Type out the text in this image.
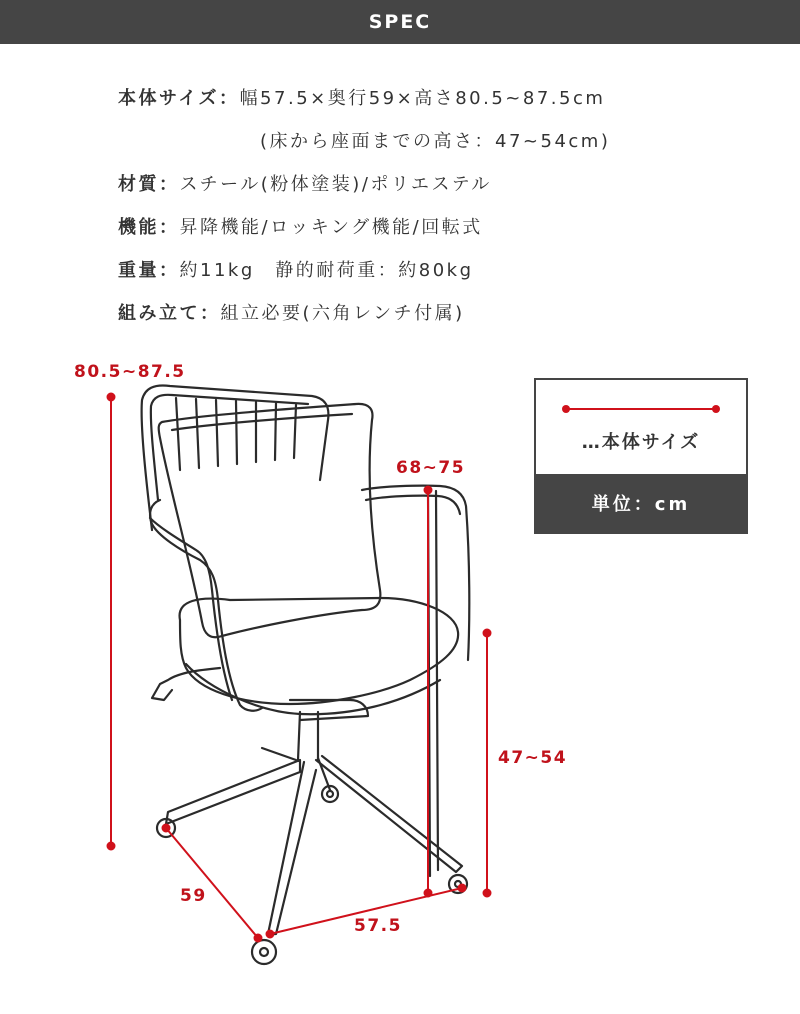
SPEC
本体サイズ：幅57.5×奥行59×高さ80.5~87.5cm
(床から座面までの高さ：47~54cm)
材質：スチール(粉体塗装)/ポリエステル
機能：昇降機能/ロッキング機能/回転式
重量：約11kg　静的耐荷重：約80kg
組み立て：組立必要(六角レンチ付属)
80.5~87.5
68~75
47~54
59
57.5
…本体サイズ
単位：cm
